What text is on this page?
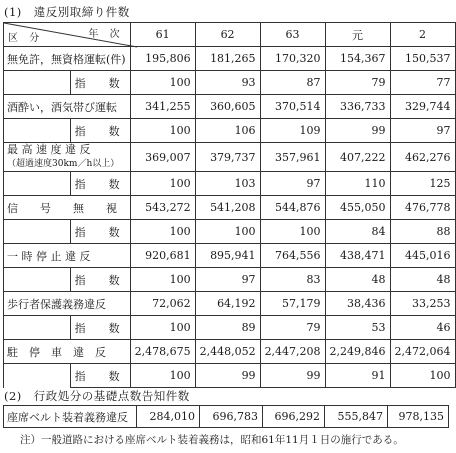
(1)　違反別取締り件数
年 次
区 分		61	62	63	元	2
無免許，無資格運転(件)		195,806	181,265	170,320	154,367	150,537
	指　数	100	93	87	79	77
酒酔い，酒気帯び運転		341,255	360,605	370,514	336,733	329,744
	指　数	100	106	109	99	97

最 高 速 度 違 反
（超過速度30km／h以上）		369,007	379,737	357,961	407,222	462,276
	指　数	100	103	97	110	125
信　　号　　無　　視		543,272	541,208	544,876	455,050	476,778
	指　数	100	100	100	84	88
一 時 停 止 違 反		920,681	895,941	764,556	438,471	445,016
	指　数	100	97	83	48	48
歩行者保護義務違反		72,062	64,192	57,179	38,436	33,253
	指　数	100	89	79	53	46
駐　停　車　違　反		2,478,675	2,448,052	2,447,208	2,249,846	2,472,064
	指　数	100	99	99	91	100
(2)　行政処分の基礎点数告知件数
座席ベルト装着義務違反	284,010	696,783	696,292	555,847	978,135
注）一般道路における座席ベルト装着義務は，昭和61年11月１日の施行である。
